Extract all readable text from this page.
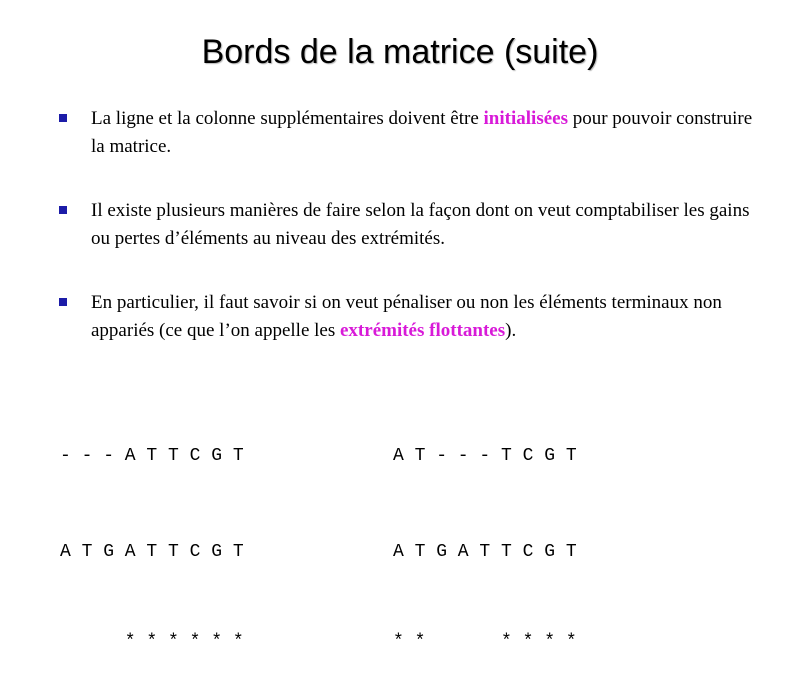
Bords de la matrice (suite)
La ligne et la colonne supplémentaires doivent être initialisées pour pouvoir construire la matrice.
Il existe plusieurs manières de faire selon la façon dont on veut comptabiliser les gains ou pertes d’éléments au niveau des extrémités.
En particulier, il faut savoir si on veut pénaliser ou non les éléments terminaux non appariés (ce que l’on appelle les extrémités flottantes).

- - - A T T C G T

A T G A T T C G T

* * * * * *

A T - - - T C G T

A T G A T T C G T

* *       * * * *
